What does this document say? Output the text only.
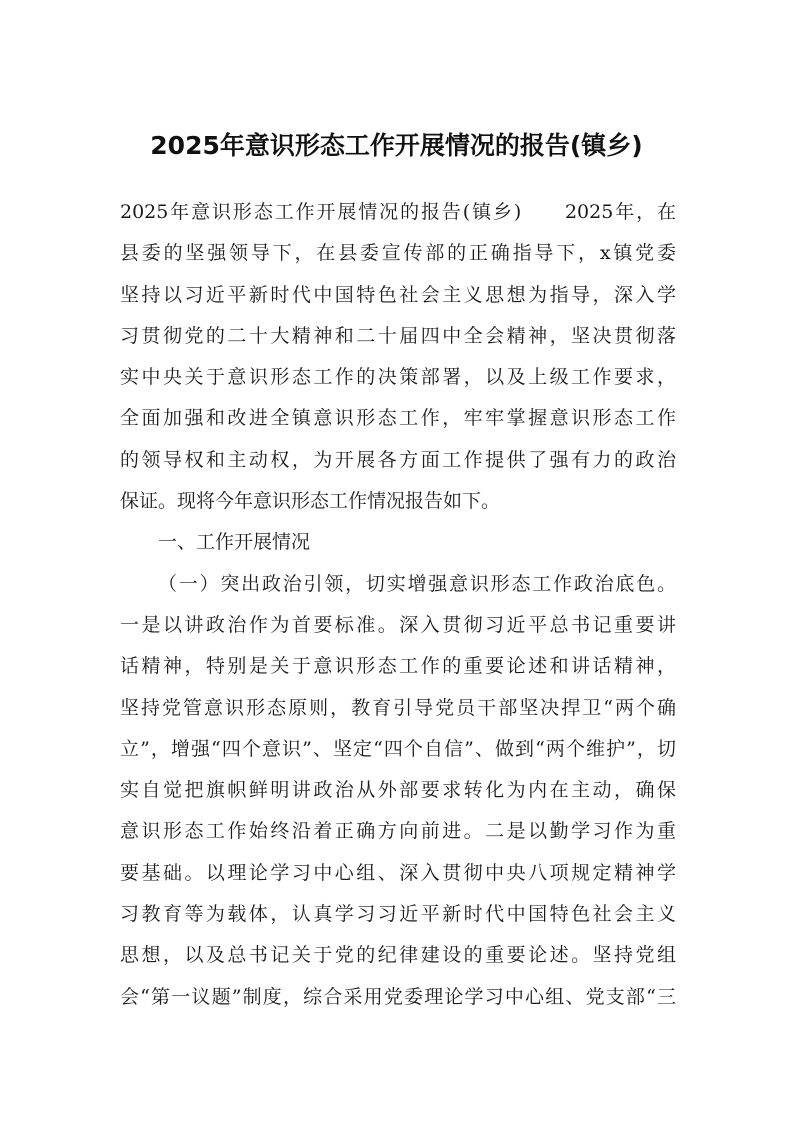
2025年意识形态工作开展情况的报告(镇乡)
2025年意识形态工作开展情况的报告(镇乡)　　2025年，在
县委的坚强领导下，在县委宣传部的正确指导下，x镇党委
坚持以习近平新时代中国特色社会主义思想为指导，深入学
习贯彻党的二十大精神和二十届四中全会精神，坚决贯彻落
实中央关于意识形态工作的决策部署，以及上级工作要求，
全面加强和改进全镇意识形态工作，牢牢掌握意识形态工作
的领导权和主动权，为开展各方面工作提供了强有力的政治
保证。现将今年意识形态工作情况报告如下。
一、工作开展情况
（一）突出政治引领，切实增强意识形态工作政治底色。
一是以讲政治作为首要标准。深入贯彻习近平总书记重要讲
话精神，特别是关于意识形态工作的重要论述和讲话精神，
坚持党管意识形态原则，教育引导党员干部坚决捍卫“两个确
立”，增强“四个意识”、坚定“四个自信”、做到“两个维护”，切
实自觉把旗帜鲜明讲政治从外部要求转化为内在主动，确保
意识形态工作始终沿着正确方向前进。二是以勤学习作为重
要基础。以理论学习中心组、深入贯彻中央八项规定精神学
习教育等为载体，认真学习习近平新时代中国特色社会主义
思想，以及总书记关于党的纪律建设的重要论述。坚持党组
会“第一议题”制度，综合采用党委理论学习中心组、党支部“三
